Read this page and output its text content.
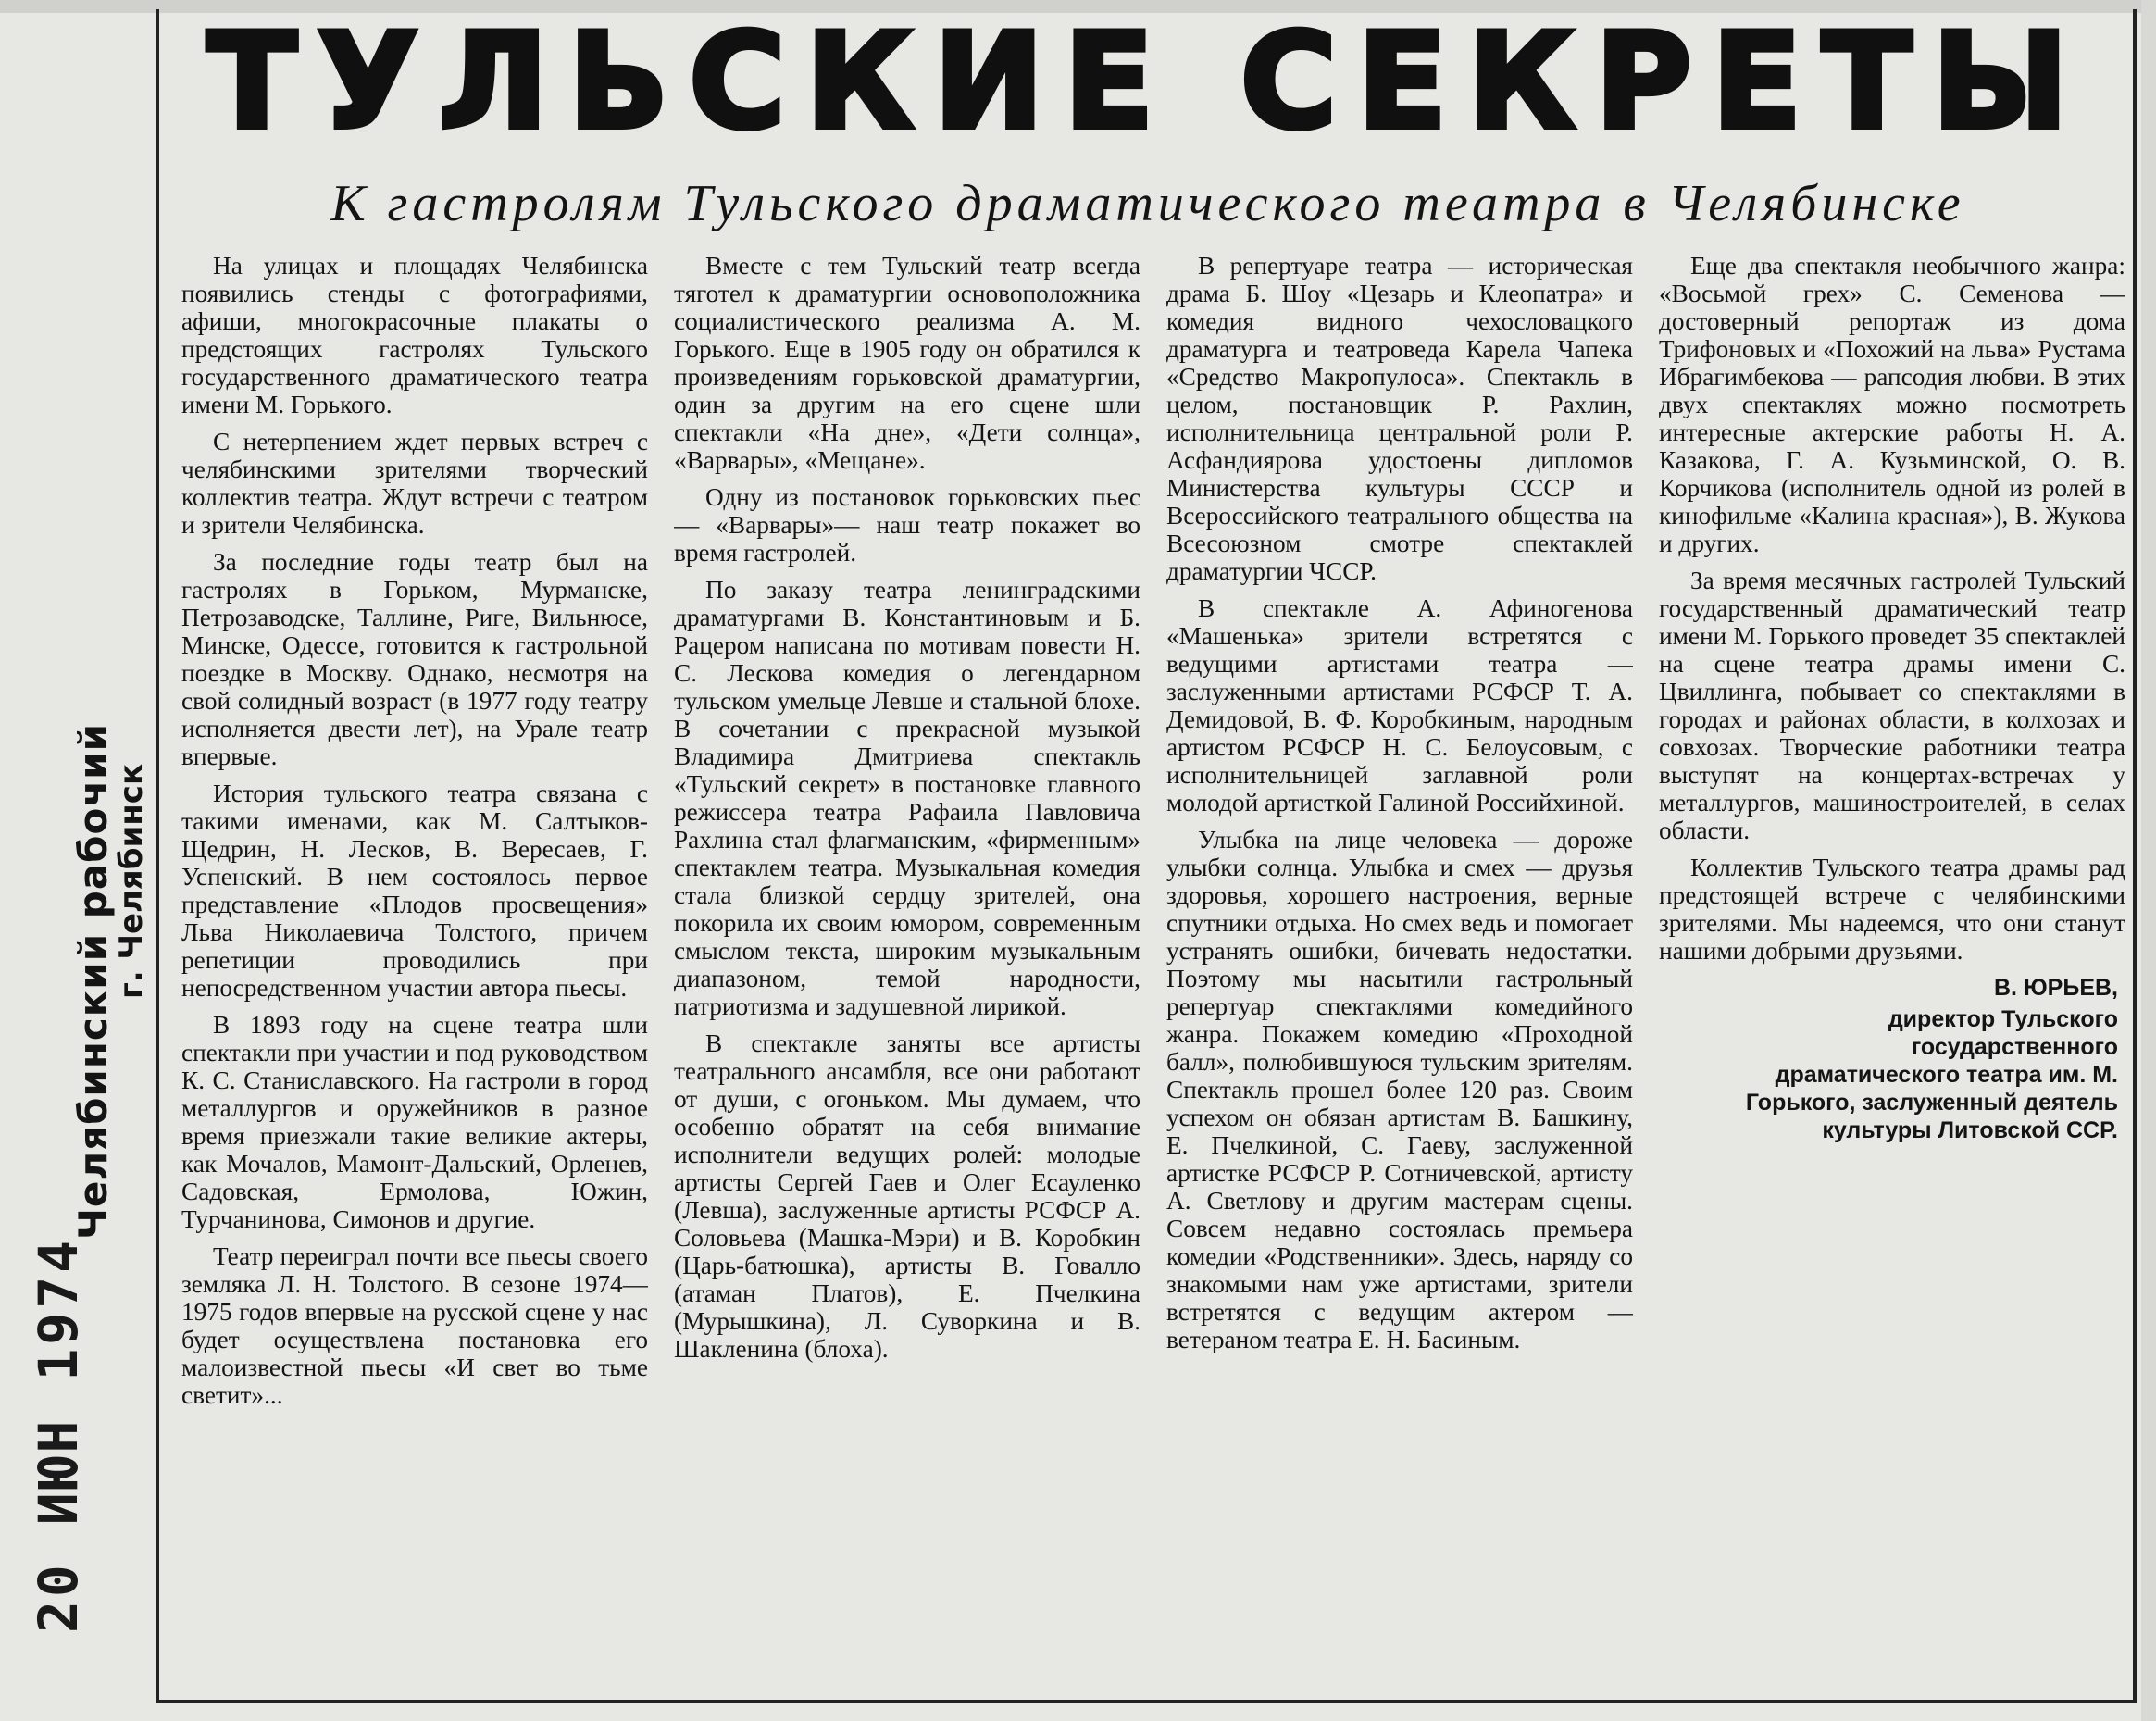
Челябинский рабочий
г. Челябинск
20 ИЮН 1974
ТУЛЬСКИЕ СЕКРЕТЫ
К гастролям Тульского драматического театра в Челябинске

На улицах и площадях Челябинска появились стенды с фотографиями, афиши, многокрасочные плакаты о предстоящих гастролях Тульского государственного драматического театра имени М. Горького.

С нетерпением ждет первых встреч с челябинскими зрителями творческий коллектив театра. Ждут встречи с театром и зрители Челябинска.

За последние годы театр был на гастролях в Горьком, Мурманске, Петрозаводске, Таллине, Риге, Вильнюсе, Минске, Одессе, готовится к гастрольной поездке в Москву. Однако, несмотря на свой солидный возраст (в 1977 году театру исполняется двести лет), на Урале театр впервые.

История тульского театра связана с такими именами, как М. Салтыков-Щедрин, Н. Лесков, В. Вересаев, Г. Успенский. В нем состоялось первое представление «Плодов просвещения» Льва Николаевича Толстого, причем репетиции проводились при непосредственном участии автора пьесы.

В 1893 году на сцене театра шли спектакли при участии и под руководством К. С. Станиславского. На гастроли в город металлургов и оружейников в разное время приезжали такие великие актеры, как Мочалов, Мамонт-Дальский, Орленев, Садовская, Ермолова, Южин, Турчанинова, Симонов и другие.

Театр переиграл почти все пьесы своего земляка Л. Н. Толстого. В сезоне 1974—1975 годов впервые на русской сцене у нас будет осуществлена постановка его малоизвестной пьесы «И свет во тьме светит»...

Вместе с тем Тульский театр всегда тяготел к драматургии основоположника социалистического реализма А. М. Горького. Еще в 1905 году он обратился к произведениям горьковской драматургии, один за другим на его сцене шли спектакли «На дне», «Дети солнца», «Варвары», «Мещане».

Одну из постановок горьковских пьес — «Варвары»— наш театр покажет во время гастролей.

По заказу театра ленинградскими драматургами В. Константиновым и Б. Рацером написана по мотивам повести Н. С. Лескова комедия о легендарном тульском умельце Левше и стальной блохе. В сочетании с прекрасной музыкой Владимира Дмитриева спектакль «Тульский секрет» в постановке главного режиссера театра Рафаила Павловича Рахлина стал флагманским, «фирменным» спектаклем театра. Музыкальная комедия стала близкой сердцу зрителей, она покорила их своим юмором, современным смыслом текста, широким музыкальным диапазоном, темой народности, патриотизма и задушевной лирикой.

В спектакле заняты все артисты театрального ансамбля, все они работают от души, с огоньком. Мы думаем, что особенно обратят на себя внимание исполнители ведущих ролей: молодые артисты Сергей Гаев и Олег Есауленко (Левша), заслуженные артисты РСФСР А. Соловьева (Машка-Мэри) и В. Коробкин (Царь-батюшка), артисты В. Говалло (атаман Платов), Е. Пчелкина (Мурышкина), Л. Суворкина и В. Шакленина (блоха).

В репертуаре театра — историческая драма Б. Шоу «Цезарь и Клеопатра» и комедия видного чехословацкого драматурга и театроведа Карела Чапека «Средство Макропулоса». Спектакль в целом, постановщик Р. Рахлин, исполнительница центральной роли Р. Асфандиярова удостоены дипломов Министерства культуры СССР и Всероссийского театрального общества на Всесоюзном смотре спектаклей драматургии ЧССР.

В спектакле А. Афиногенова «Машенька» зрители встретятся с ведущими артистами театра — заслуженными артистами РСФСР Т. А. Демидовой, В. Ф. Коробкиным, народным артистом РСФСР Н. С. Белоусовым, с исполнительницей заглавной роли молодой артисткой Галиной Российхиной.

Улыбка на лице человека — дороже улыбки солнца. Улыбка и смех — друзья здоровья, хорошего настроения, верные спутники отдыха. Но смех ведь и помогает устранять ошибки, бичевать недостатки. Поэтому мы насытили гастрольный репертуар спектаклями комедийного жанра. Покажем комедию «Проходной балл», полюбившуюся тульским зрителям. Спектакль прошел более 120 раз. Своим успехом он обязан артистам В. Башкину, Е. Пчелкиной, С. Гаеву, заслуженной артистке РСФСР Р. Сотничевской, артисту А. Светлову и другим мастерам сцены. Совсем недавно состоялась премьера комедии «Родственники». Здесь, наряду со знакомыми нам уже артистами, зрители встретятся с ведущим актером — ветераном театра Е. Н. Басиным.

Еще два спектакля необычного жанра: «Восьмой грех» С. Семенова — достоверный репортаж из дома Трифоновых и «Похожий на льва» Рустама Ибрагимбекова — рапсодия любви. В этих двух спектаклях можно посмотреть интересные актерские работы Н. А. Казакова, Г. А. Кузьминской, О. В. Корчикова (исполнитель одной из ролей в кинофильме «Калина красная»), В. Жукова и других.

За время месячных гастролей Тульский государственный драматический театр имени М. Горького проведет 35 спектаклей на сцене театра драмы имени С. Цвиллинга, побывает со спектаклями в городах и районах области, в колхозах и совхозах. Творческие работники театра выступят на концертах-встречах у металлургов, машиностроителей, в селах области.

Коллектив Тульского театра драмы рад предстоящей встрече с челябинскими зрителями. Мы надеемся, что они станут нашими добрыми друзьями.

В. ЮРЬЕВ,
директор Тульского государственного драматического театра им. М. Горького, заслуженный деятель культуры Литовской ССР.
